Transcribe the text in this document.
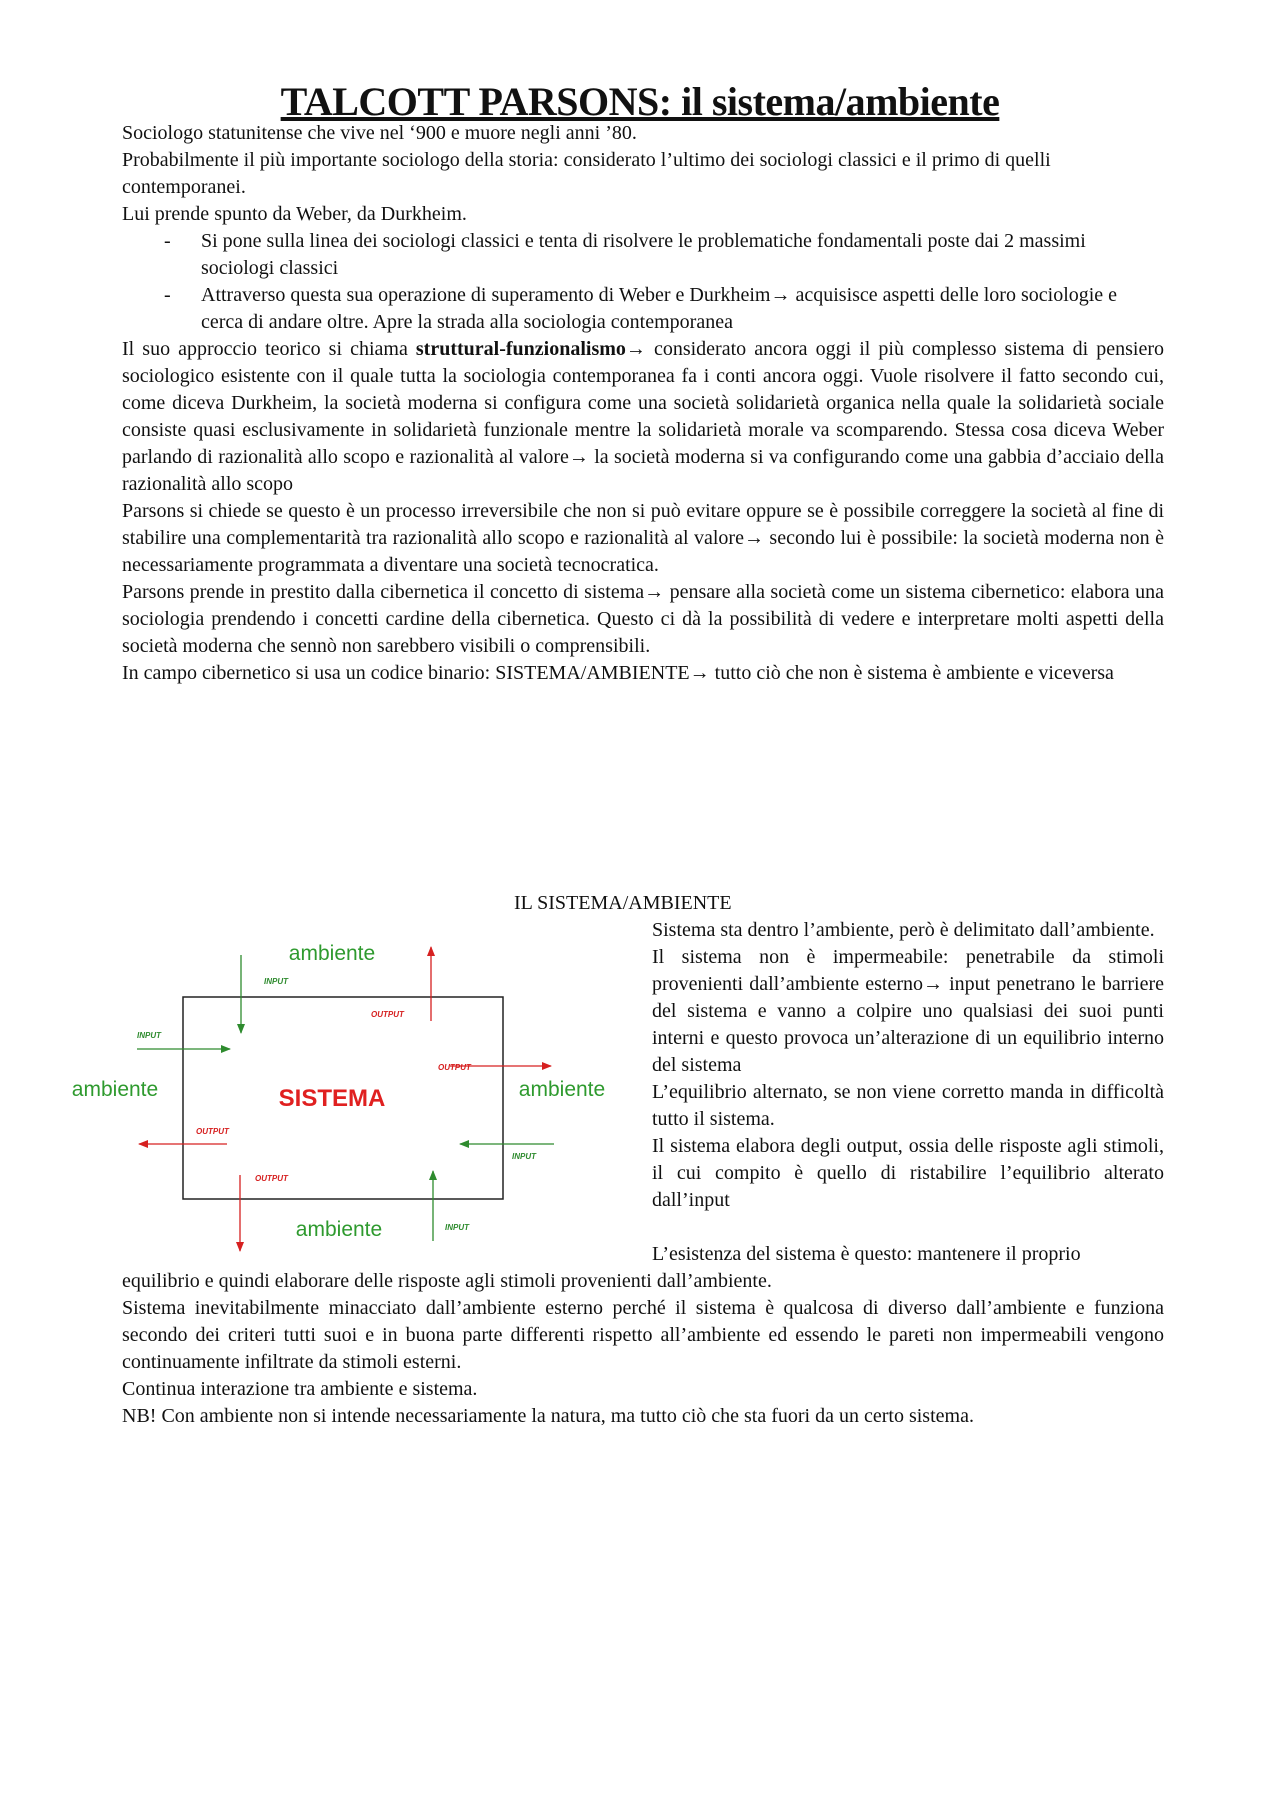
TALCOTT PARSONS: il sistema/ambiente

Sociologo statunitense che vive nel ‘900 e muore negli anni ’80.

Probabilmente il più importante sociologo della storia: considerato l’ultimo dei sociologi classici e il primo di quelli contemporanei.

Lui prende spunto da Weber, da Durkheim.

- Si pone sulla linea dei sociologi classici e tenta di risolvere le problematiche fondamentali poste dai 2 massimi sociologi classici
- Attraverso questa sua operazione di superamento di Weber e Durkheim→ acquisisce aspetti delle loro sociologie e cerca di andare oltre. Apre la strada alla sociologia contemporanea

Il suo approccio teorico si chiama struttural-funzionalismo→ considerato ancora oggi il più complesso sistema di pensiero sociologico esistente con il quale tutta la sociologia contemporanea fa i conti ancora oggi. Vuole risolvere il fatto secondo cui, come diceva Durkheim, la società moderna si configura come una società solidarietà organica nella quale la solidarietà sociale consiste quasi esclusivamente in solidarietà funzionale mentre la solidarietà morale va scomparendo. Stessa cosa diceva Weber parlando di razionalità allo scopo e razionalità al valore→ la società moderna si va configurando come una gabbia d’acciaio della razionalità allo scopo

Parsons si chiede se questo è un processo irreversibile che non si può evitare oppure se è possibile correggere la società al fine di stabilire una complementarità tra razionalità allo scopo e razionalità al valore→ secondo lui è possibile: la società moderna non è necessariamente programmata a diventare una società tecnocratica.

Parsons prende in prestito dalla cibernetica il concetto di sistema→ pensare alla società come un sistema cibernetico: elabora una sociologia prendendo i concetti cardine della cibernetica. Questo ci dà la possibilità di vedere e interpretare molti aspetti della società moderna che sennò non sarebbero visibili o comprensibili.

In campo cibernetico si usa un codice binario: SISTEMA/AMBIENTE→ tutto ciò che non è sistema è ambiente e viceversa

IL SISTEMA/AMBIENTE
SISTEMA
ambiente
ambiente	ambiente
ambiente
INPUT
OUTPUT
INPUT
OUTPUT
OUTPUT
INPUT
OUTPUT
INPUT

Sistema sta dentro l’ambiente, però è delimitato dall’ambiente.

Il sistema non è impermeabile: penetrabile da stimoli provenienti dall’ambiente esterno→ input penetrano le barriere del sistema e vanno a colpire uno qualsiasi dei suoi punti interni e questo provoca un’alterazione di un equilibrio interno del sistema

L’equilibrio alternato, se non viene corretto manda in difficoltà tutto il sistema.

Il sistema elabora degli output, ossia delle risposte agli stimoli, il cui compito è quello di ristabilire l’equilibrio alterato dall’input

L’esistenza del sistema è questo: mantenere il proprio

equilibrio e quindi elaborare delle risposte agli stimoli provenienti dall’ambiente.

Sistema inevitabilmente minacciato dall’ambiente esterno perché il sistema è qualcosa di diverso dall’ambiente e funziona secondo dei criteri tutti suoi e in buona parte differenti rispetto all’ambiente ed essendo le pareti non impermeabili vengono continuamente infiltrate da stimoli esterni.

Continua interazione tra ambiente e sistema.

NB! Con ambiente non si intende necessariamente la natura, ma tutto ciò che sta fuori da un certo sistema.
